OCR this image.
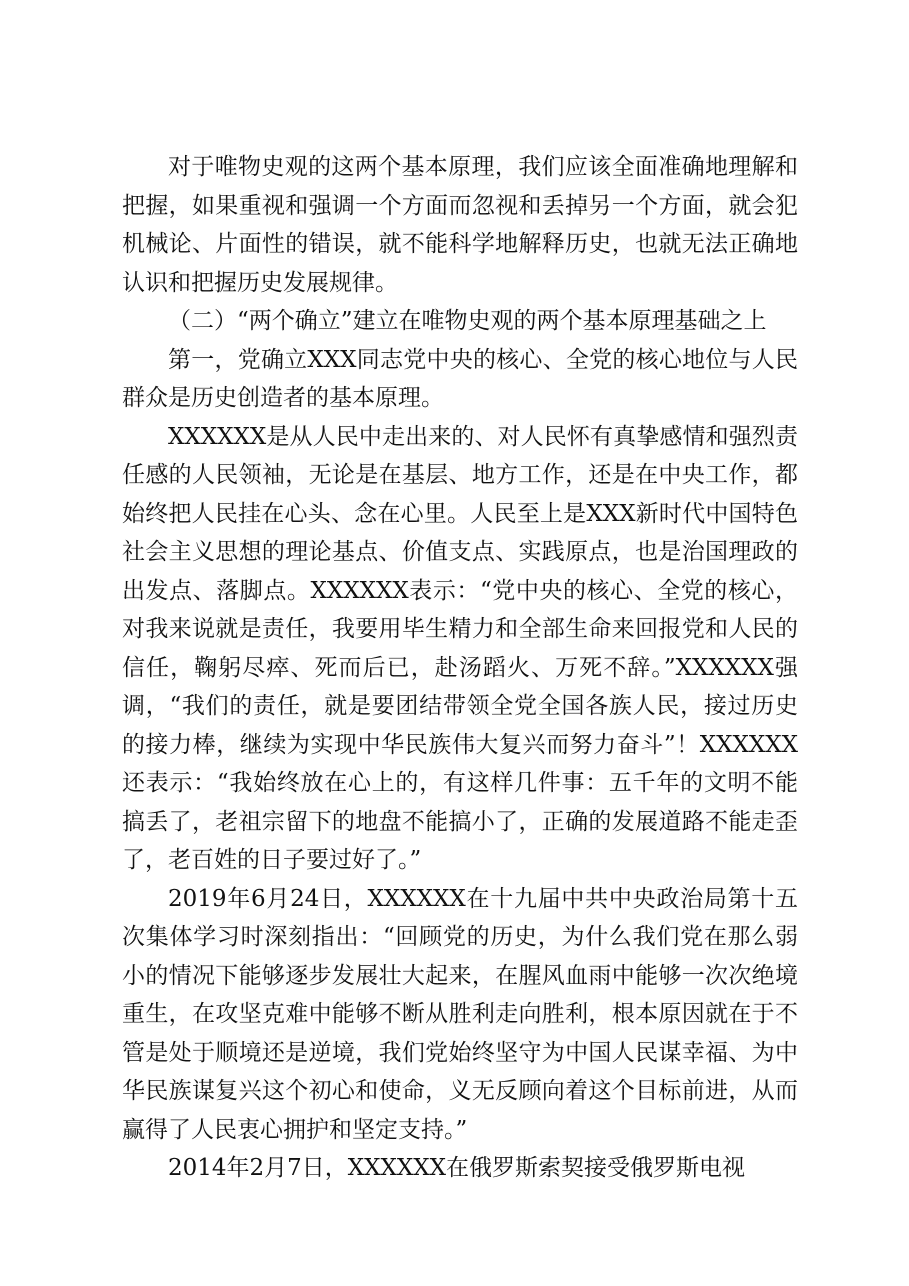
对于唯物史观的这两个基本原理，我们应该全面准确地理解和把握，如果重视和强调一个方面而忽视和丢掉另一个方面，就会犯机械论、片面性的错误，就不能科学地解释历史，也就无法正确地认识和把握历史发展规律。

（二）“两个确立”建立在唯物史观的两个基本原理基础之上

第一，党确立XXX同志党中央的核心、全党的核心地位与人民群众是历史创造者的基本原理。

XXXXXX是从人民中走出来的、对人民怀有真挚感情和强烈责任感的人民领袖，无论是在基层、地方工作，还是在中央工作，都始终把人民挂在心头、念在心里。人民至上是XXX新时代中国特色社会主义思想的理论基点、价值支点、实践原点，也是治国理政的出发点、落脚点。XXXXXX表示：“党中央的核心、全党的核心，对我来说就是责任，我要用毕生精力和全部生命来回报党和人民的信任，鞠躬尽瘁、死而后已，赴汤蹈火、万死不辞。”XXXXXX强调，“我们的责任，就是要团结带领全党全国各族人民，接过历史的接力棒，继续为实现中华民族伟大复兴而努力奋斗”！XXXXXX还表示：“我始终放在心上的，有这样几件事：五千年的文明不能搞丢了，老祖宗留下的地盘不能搞小了，正确的发展道路不能走歪了，老百姓的日子要过好了。”

2019年6月24日，XXXXXX在十九届中共中央政治局第十五次集体学习时深刻指出：“回顾党的历史，为什么我们党在那么弱小的情况下能够逐步发展壮大起来，在腥风血雨中能够一次次绝境重生，在攻坚克难中能够不断从胜利走向胜利，根本原因就在于不管是处于顺境还是逆境，我们党始终坚守为中国人民谋幸福、为中华民族谋复兴这个初心和使命，义无反顾向着这个目标前进，从而赢得了人民衷心拥护和坚定支持。”

2014年2月7日，XXXXXX在俄罗斯索契接受俄罗斯电视
